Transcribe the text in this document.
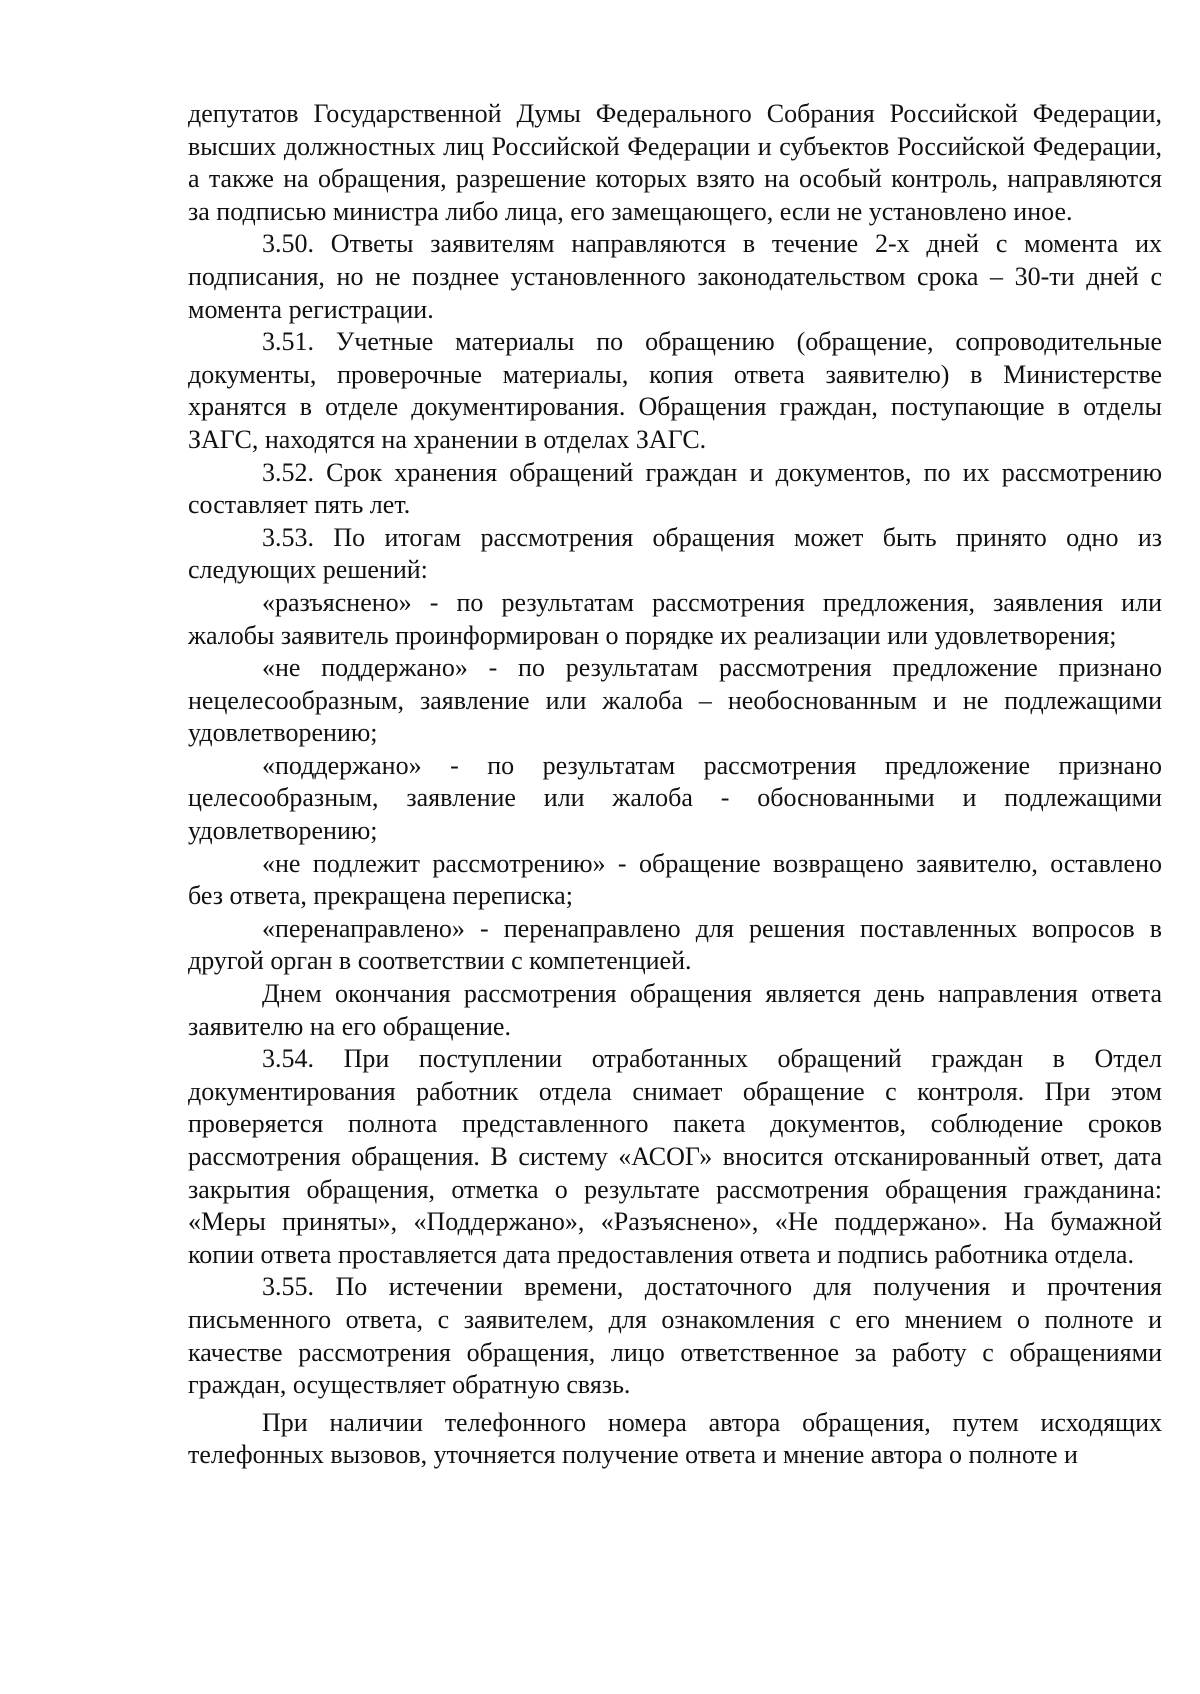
депутатов Государственной Думы Федерального Собрания Российской Федерации, высших должностных лиц Российской Федерации и субъектов Российской Федерации, а также на обращения, разрешение которых взято на особый контроль, направляются за подписью министра либо лица, его замещающего, если не установлено иное.

3.50. Ответы заявителям направляются в течение 2-х дней с момента их подписания, но не позднее установленного законодательством срока – 30-ти дней с момента регистрации.

3.51. Учетные материалы по обращению (обращение, сопроводительные документы, проверочные материалы, копия ответа заявителю) в Министерстве хранятся в отделе документирования. Обращения граждан, поступающие в отделы ЗАГС, находятся на хранении в отделах ЗАГС.

3.52. Срок хранения обращений граждан и документов, по их рассмотрению составляет пять лет.

3.53. По итогам рассмотрения обращения может быть принято одно из следующих решений:

«разъяснено» - по результатам рассмотрения предложения, заявления или жалобы заявитель проинформирован о порядке их реализации или удовлетворения;

«не поддержано» - по результатам рассмотрения предложение признано нецелесообразным, заявление или жалоба – необоснованным и не подлежащими удовлетворению;

«поддержано» - по результатам рассмотрения предложение признано целесообразным, заявление или жалоба - обоснованными и подлежащими удовлетворению;

«не подлежит рассмотрению» - обращение возвращено заявителю, оставлено без ответа, прекращена переписка;

«перенаправлено» - перенаправлено для решения поставленных вопросов в другой орган в соответствии с компетенцией.

Днем окончания рассмотрения обращения является день направления ответа заявителю на его обращение.

3.54. При поступлении отработанных обращений граждан в Отдел документирования работник отдела снимает обращение с контроля. При этом проверяется полнота представленного пакета документов, соблюдение сроков рассмотрения обращения. В систему «АСОГ» вносится отсканированный ответ, дата закрытия обращения, отметка о результате рассмотрения обращения гражданина: «Меры приняты», «Поддержано», «Разъяснено», «Не поддержано». На бумажной копии ответа проставляется дата предоставления ответа и подпись работника отдела.

3.55. По истечении времени, достаточного для получения и прочтения письменного ответа, с заявителем, для ознакомления с его мнением о полноте и качестве рассмотрения обращения, лицо ответственное за работу с обращениями граждан, осуществляет обратную связь.

При наличии телефонного номера автора обращения, путем исходящих телефонных вызовов, уточняется получение ответа и мнение автора о полноте и
